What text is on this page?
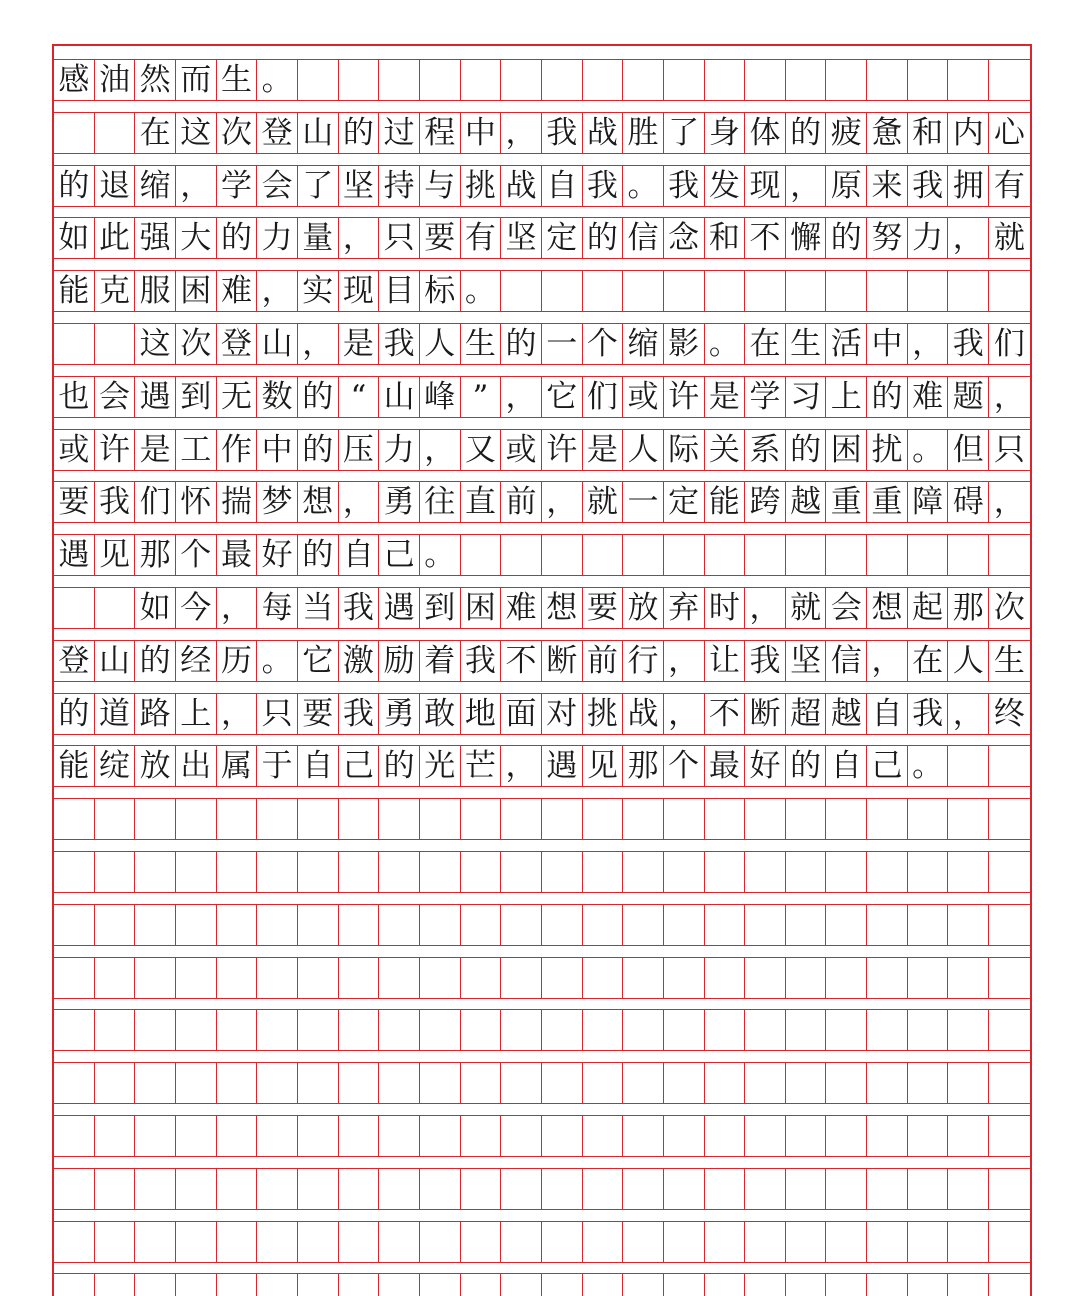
感 油 然 而 生 。
在 这 次 登 山 的 过 程 中 ， 我 战 胜 了 身 体 的 疲 惫 和 内 心
的 退 缩 ， 学 会 了 坚 持 与 挑 战 自 我 。 我 发 现 ， 原 来 我 拥 有
如 此 强 大 的 力 量 ， 只 要 有 坚 定 的 信 念 和 不 懈 的 努 力 ， 就
能 克 服 困 难 ， 实 现 目 标 。
这 次 登 山 ， 是 我 人 生 的 一 个 缩 影 。 在 生 活 中 ， 我 们
也 会 遇 到 无 数 的 “ 山 峰 ” ， 它 们 或 许 是 学 习 上 的 难 题 ，
或 许 是 工 作 中 的 压 力 ， 又 或 许 是 人 际 关 系 的 困 扰 。 但 只
要 我 们 怀 揣 梦 想 ， 勇 往 直 前 ， 就 一 定 能 跨 越 重 重 障 碍 ，
遇 见 那 个 最 好 的 自 己 。
如 今 ， 每 当 我 遇 到 困 难 想 要 放 弃 时 ， 就 会 想 起 那 次
登 山 的 经 历 。 它 激 励 着 我 不 断 前 行 ， 让 我 坚 信 ， 在 人 生
的 道 路 上 ， 只 要 我 勇 敢 地 面 对 挑 战 ， 不 断 超 越 自 我 ， 终
能 绽 放 出 属 于 自 己 的 光 芒 ， 遇 见 那 个 最 好 的 自 己 。
